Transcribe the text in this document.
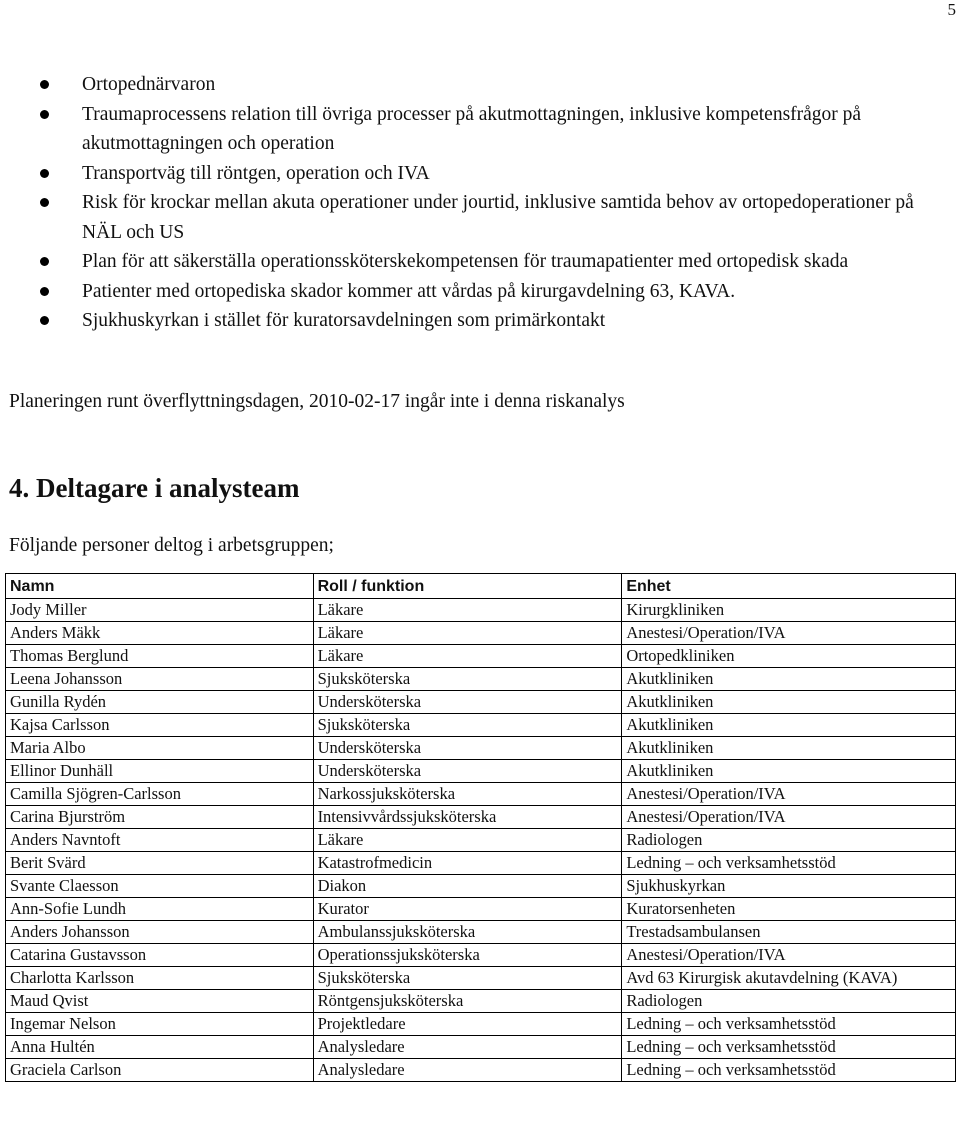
5
Ortopednärvaron
Traumaprocessens relation till övriga processer på akutmottagningen, inklusive kompetensfrågor på akutmottagningen och operation
Transportväg till röntgen, operation och IVA
Risk för krockar mellan akuta operationer under jourtid, inklusive samtida behov av ortopedoperationer på NÄL och US
Plan för att säkerställa operationssköterskekompetensen för traumapatienter med ortopedisk skada
Patienter med ortopediska skador kommer att vårdas på kirurgavdelning 63, KAVA.
Sjukhuskyrkan i stället för kuratorsavdelningen som primärkontakt
Planeringen runt överflyttningsdagen, 2010-02-17 ingår inte i denna riskanalys
4. Deltagare i analysteam
Följande personer deltog i arbetsgruppen;
Namn	Roll / funktion	Enhet
Jody Miller	Läkare	Kirurgkliniken
Anders Mäkk	Läkare	Anestesi/Operation/IVA
Thomas Berglund	Läkare	Ortopedkliniken
Leena Johansson	Sjuksköterska	Akutkliniken
Gunilla Rydén	Undersköterska	Akutkliniken
Kajsa Carlsson	Sjuksköterska	Akutkliniken
Maria Albo	Undersköterska	Akutkliniken
Ellinor Dunhäll	Undersköterska	Akutkliniken
Camilla Sjögren-Carlsson	Narkossjuksköterska	Anestesi/Operation/IVA
Carina Bjurström	Intensivvårdssjuksköterska	Anestesi/Operation/IVA
Anders Navntoft	Läkare	Radiologen
Berit Svärd	Katastrofmedicin	Ledning – och verksamhetsstöd
Svante Claesson	Diakon	Sjukhuskyrkan
Ann-Sofie Lundh	Kurator	Kuratorsenheten
Anders Johansson	Ambulanssjuksköterska	Trestadsambulansen
Catarina Gustavsson	Operationssjuksköterska	Anestesi/Operation/IVA
Charlotta Karlsson	Sjuksköterska	Avd 63 Kirurgisk akutavdelning (KAVA)
Maud Qvist	Röntgensjuksköterska	Radiologen
Ingemar Nelson	Projektledare	Ledning – och verksamhetsstöd
Anna Hultén	Analysledare	Ledning – och verksamhetsstöd
Graciela Carlson	Analysledare	Ledning – och verksamhetsstöd
